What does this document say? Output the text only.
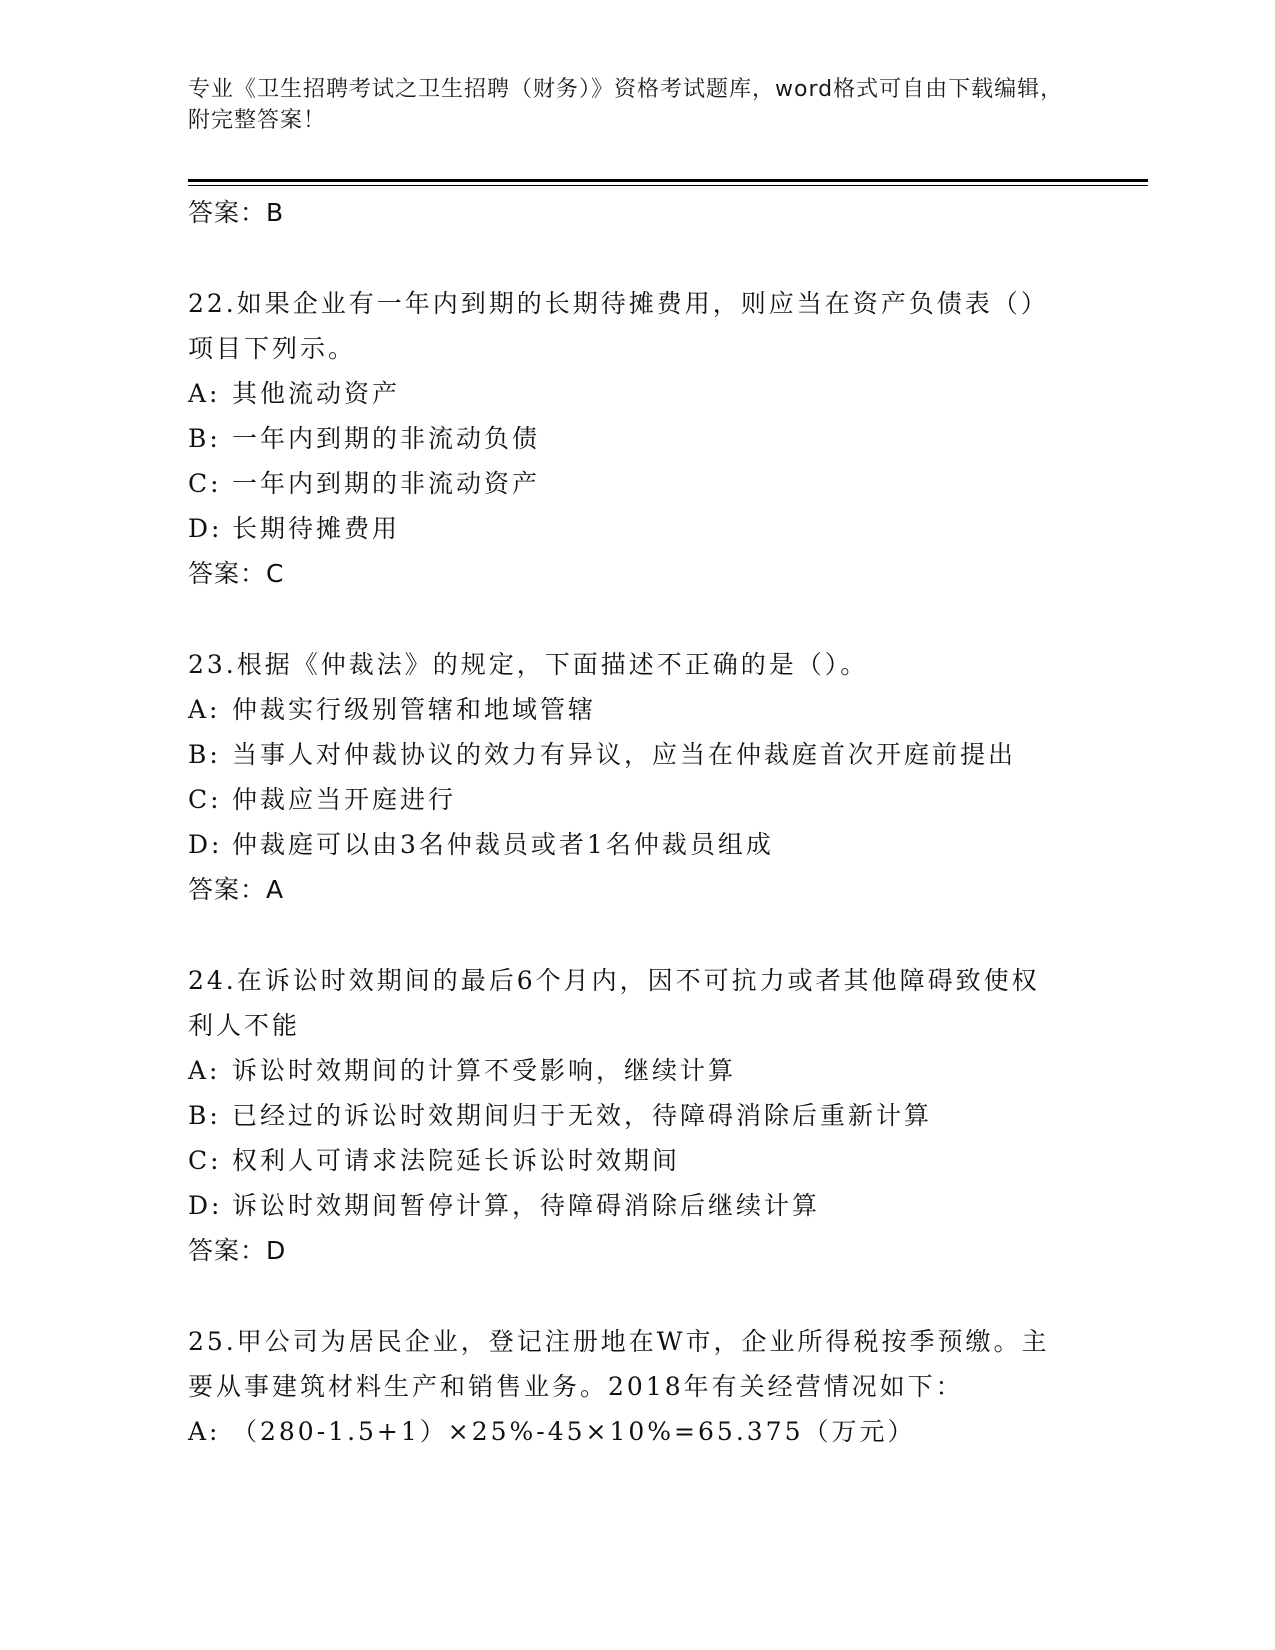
专业《卫生招聘考试之卫生招聘（财务）》资格考试题库，word格式可自由下载编辑，附完整答案！
答案：B
22.如果企业有一年内到期的长期待摊费用，则应当在资产负债表（）
项目下列示。
A: 其他流动资产
B: 一年内到期的非流动负债
C: 一年内到期的非流动资产
D: 长期待摊费用
答案：C
23.根据《仲裁法》的规定，下面描述不正确的是（）。
A: 仲裁实行级别管辖和地域管辖
B: 当事人对仲裁协议的效力有异议，应当在仲裁庭首次开庭前提出
C: 仲裁应当开庭进行
D: 仲裁庭可以由3名仲裁员或者1名仲裁员组成
答案：A
24.在诉讼时效期间的最后6个月内，因不可抗力或者其他障碍致使权
利人不能
A: 诉讼时效期间的计算不受影响，继续计算
B: 已经过的诉讼时效期间归于无效，待障碍消除后重新计算
C: 权利人可请求法院延长诉讼时效期间
D: 诉讼时效期间暂停计算，待障碍消除后继续计算
答案：D
25.甲公司为居民企业，登记注册地在W市，企业所得税按季预缴。主
要从事建筑材料生产和销售业务。2018年有关经营情况如下：
A: （280-1.5+1）×25%-45×10%=65.375（万元）
